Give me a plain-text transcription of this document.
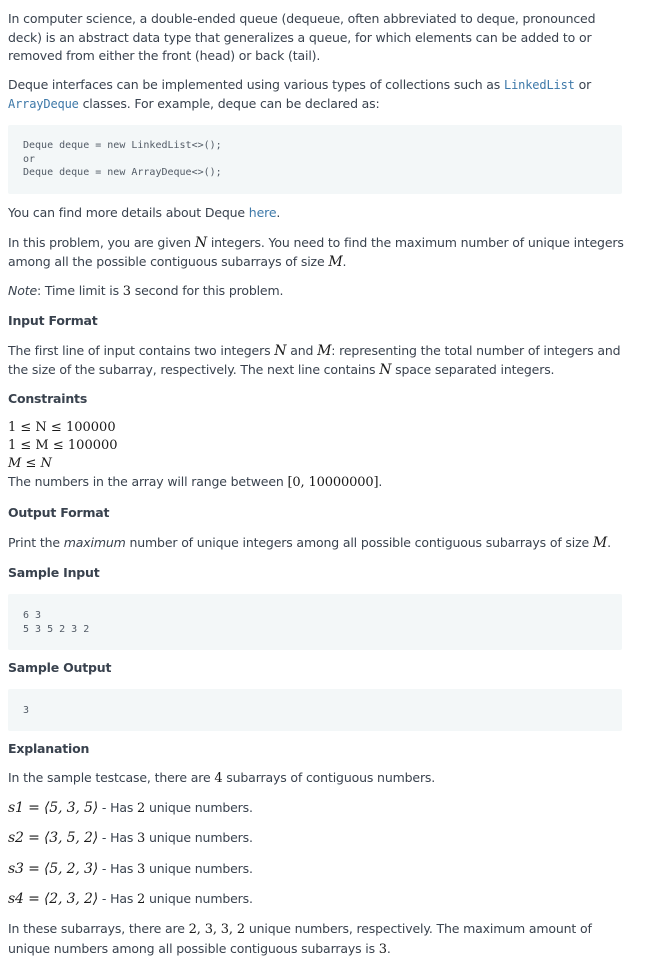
In computer science, a double-ended queue (dequeue, often abbreviated to deque, pronounced deck) is an abstract data type that generalizes a queue, for which elements can be added to or removed from either the front (head) or back (tail).
Deque interfaces can be implemented using various types of collections such as LinkedList or
ArrayDeque classes. For example, deque can be declared as:
Deque deque = new LinkedList<>();
or
Deque deque = new ArrayDeque<>();
You can find more details about Deque here.
In this problem, you are given N integers. You need to find the maximum number of unique integers among all the possible contiguous subarrays of size M.
Note: Time limit is 3 second for this problem.
Input Format
The first line of input contains two integers N and M: representing the total number of integers and the size of the subarray, respectively. The next line contains N space separated integers.
Constraints
1 ≤ N ≤ 100000
1 ≤ M ≤ 100000
M ≤ N
The numbers in the array will range between [0, 10000000].
Output Format
Print the maximum number of unique integers among all possible contiguous subarrays of size M.
Sample Input
6 3
5 3 5 2 3 2
Sample Output
3
Explanation
In the sample testcase, there are 4 subarrays of contiguous numbers.
s1 = ⟨5, 3, 5⟩ - Has 2 unique numbers.
s2 = ⟨3, 5, 2⟩ - Has 3 unique numbers.
s3 = ⟨5, 2, 3⟩ - Has 3 unique numbers.
s4 = ⟨2, 3, 2⟩ - Has 2 unique numbers.
In these subarrays, there are 2, 3, 3, 2 unique numbers, respectively. The maximum amount of unique numbers among all possible contiguous subarrays is 3.
